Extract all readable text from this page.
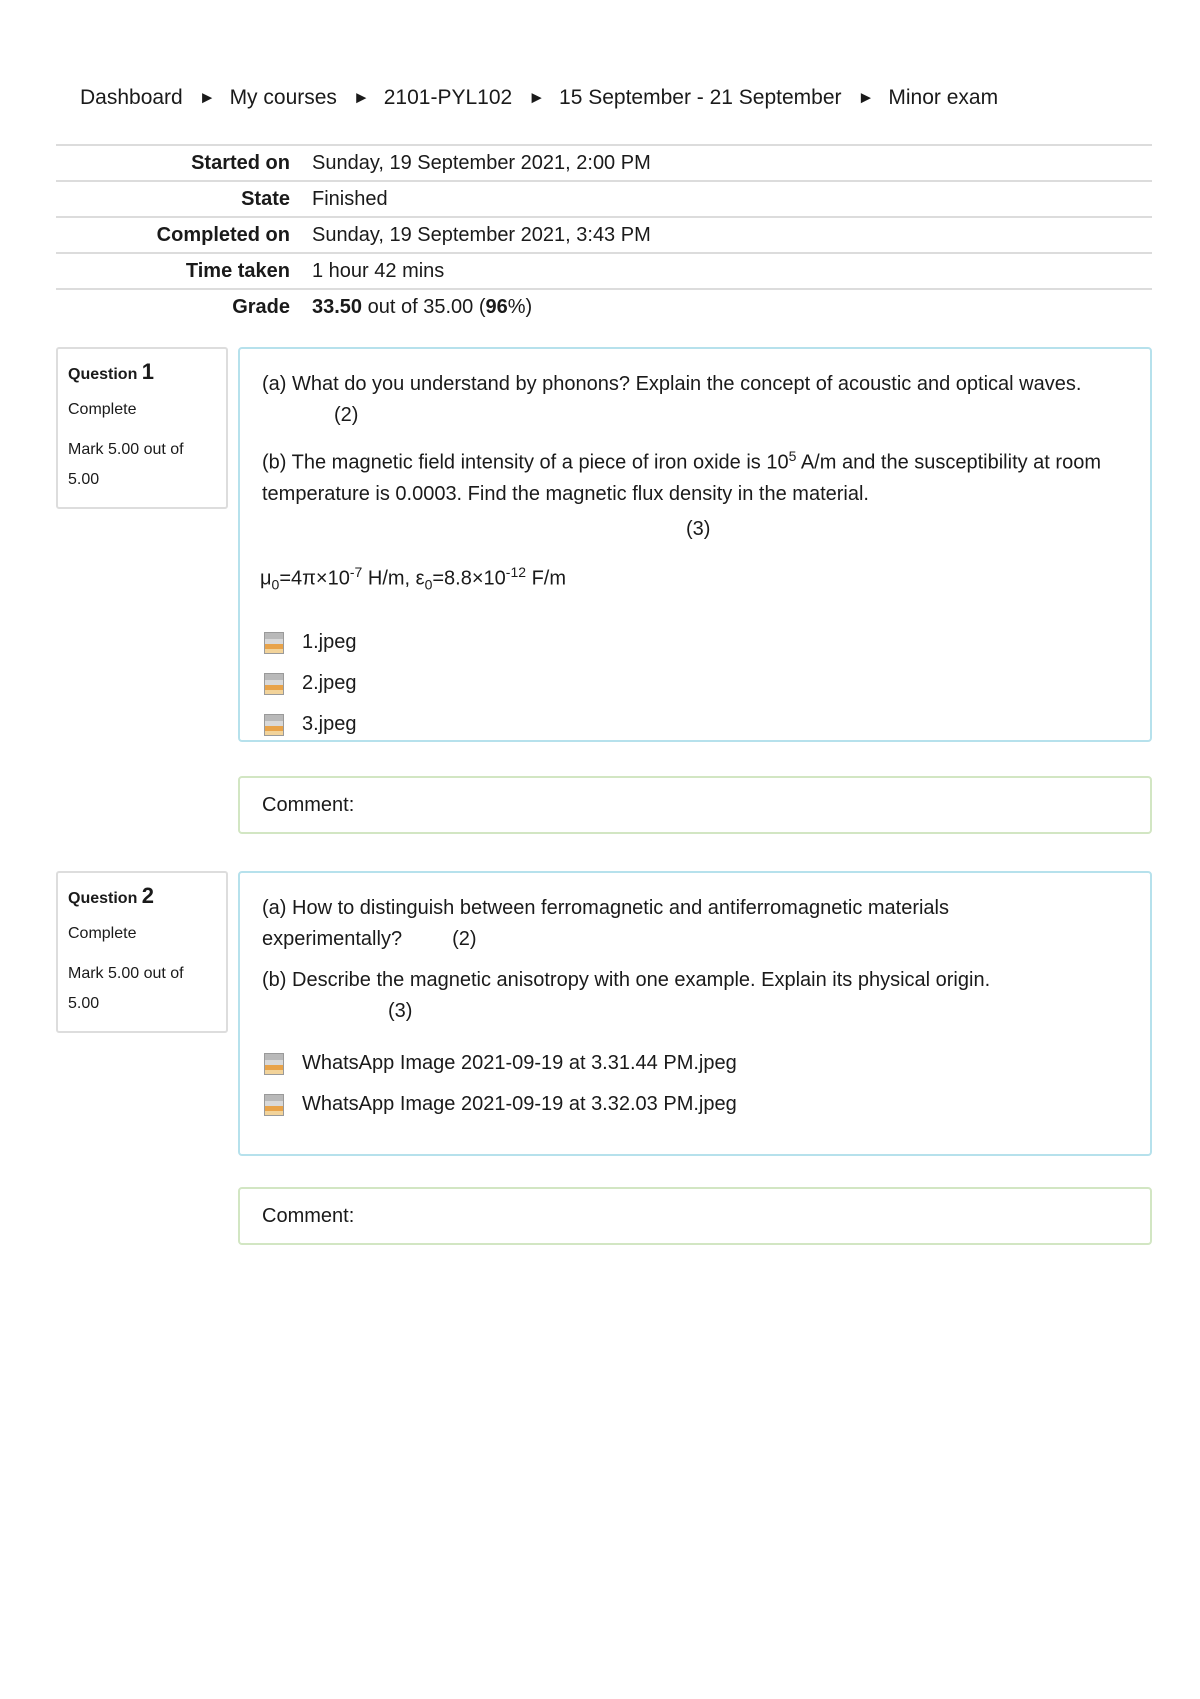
Dashboard ► My courses ► 2101-PYL102 ► 15 September - 21 September ► Minor exam
Started on	Sunday, 19 September 2021, 2:00 PM
State	Finished
Completed on	Sunday, 19 September 2021, 3:43 PM
Time taken	1 hour 42 mins
Grade	33.50 out of 35.00 (96%)
Question 1
Complete
Mark 5.00 out of 5.00

(a) What do you understand by phonons? Explain the concept of acoustic and optical waves.(2)

(b) The magnetic field intensity of a piece of iron oxide is $10^5$ A/m and the susceptibility at room temperature is 0.0003. Find the magnetic flux density in the material.

(3)
$\mu_0=4\pi\times 10^{-7}$ H/m, $\varepsilon_0=8.8\times 10^{-12}$ F/m
1.jpeg
2.jpeg
3.jpeg
Comment:
Question 2
Complete
Mark 5.00 out of 5.00

(a) How to distinguish between ferromagnetic and antiferromagnetic materials experimentally?	(2)

(b) Describe the magnetic anisotropy with one example. Explain its physical origin.(3)

WhatsApp Image 2021-09-19 at 3.31.44 PM.jpeg
WhatsApp Image 2021-09-19 at 3.32.03 PM.jpeg
Comment:
